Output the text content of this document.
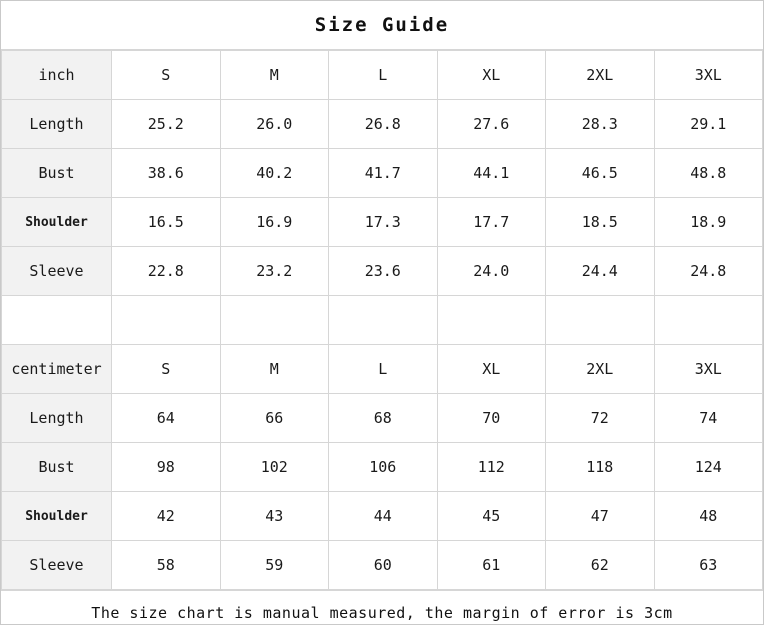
Size Guide
inch	S	M	L	XL	2XL	3XL
Length	25.2	26.0	26.8	27.6	28.3	29.1
Bust	38.6	40.2	41.7	44.1	46.5	48.8
Shoulder	16.5	16.9	17.3	17.7	18.5	18.9
Sleeve	22.8	23.2	23.6	24.0	24.4	24.8

centimeter	S	M	L	XL	2XL	3XL
Length	64	66	68	70	72	74
Bust	98	102	106	112	118	124
Shoulder	42	43	44	45	47	48
Sleeve	58	59	60	61	62	63
The size chart is manual measured, the margin of error is 3cm
